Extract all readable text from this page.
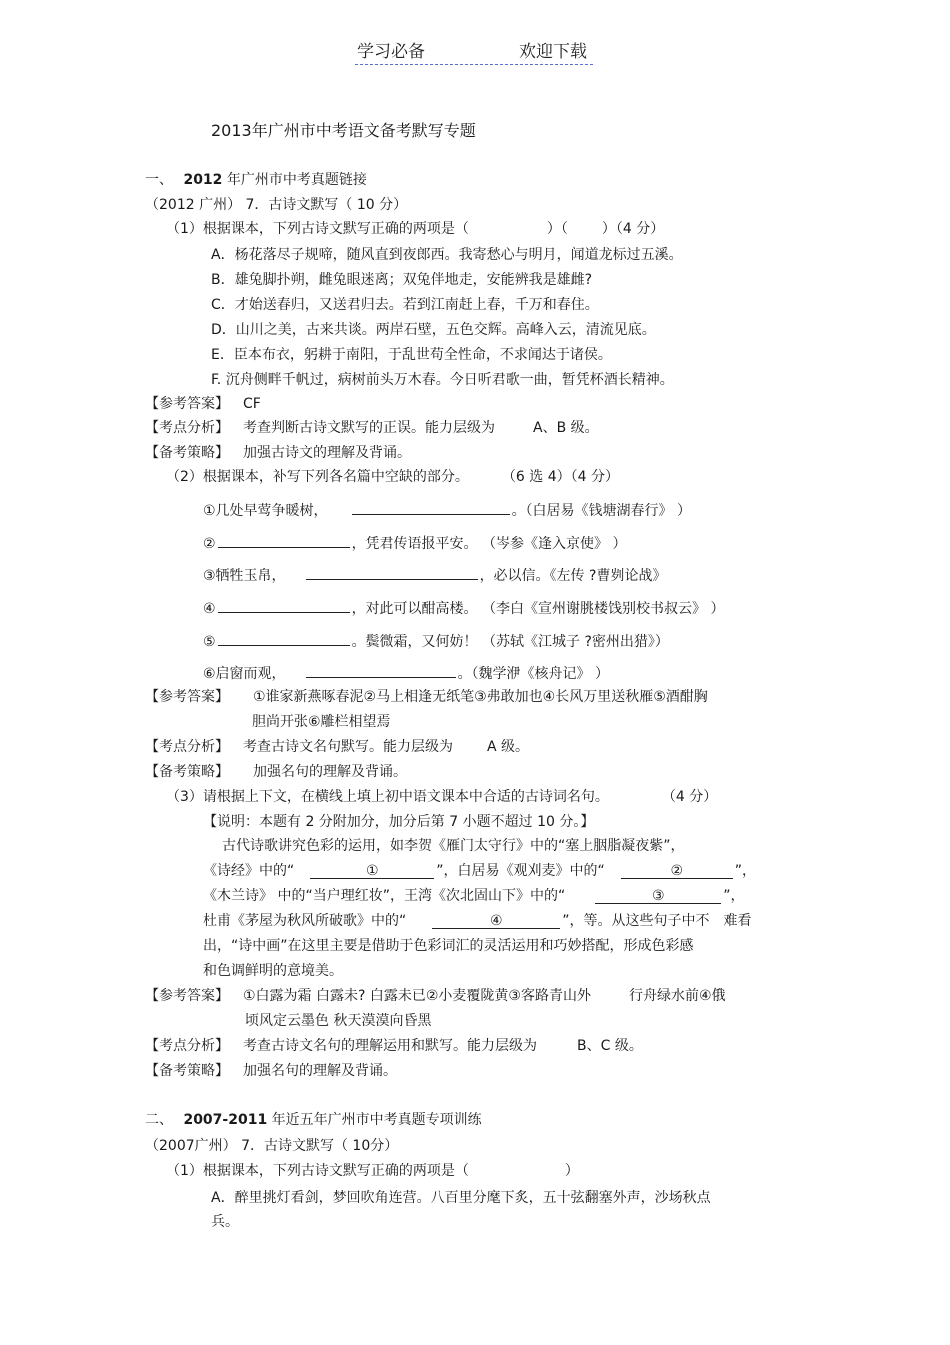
学习必备	欢迎下载
2013年广州市中考语文备考默写专题
一、 2012 年广州市中考真题链接
（2012 广州） 7．古诗文默写（ 10 分）
（1）根据课本，下列古诗文默写正确的两项是（	）（ ）（4 分）
A．杨花落尽子规啼，随风直到夜郎西。我寄愁心与明月，闻道龙标过五溪。
B．雄兔脚扑朔，雌兔眼迷离；双兔伴地走，安能辨我是雄雌?
C．才始送春归，又送君归去。若到江南赶上春，千万和春住。
D．山川之美，古来共谈。两岸石壁，五色交辉。高峰入云，清流见底。
E．臣本布衣，躬耕于南阳，于乱世苟全性命，不求闻达于诸侯。
F. 沉舟侧畔千帆过，病树前头万木春。今日听君歌一曲，暂凭杯酒长精神。
【参考答案】 CF
【考点分析】 考查判断古诗文默写的正误。能力层级为	A、B 级。
【备考策略】 加强古诗文的理解及背诵。
（2）根据课本，补写下列各名篇中空缺的部分。	（6 选 4）（4 分）
①几处早莺争暖树，	。（白居易《钱塘湖春行》 ）
②	，凭君传语报平安。 （岑参《逢入京使》 ）
③牺牲玉帛，	，必以信。《左传 ?曹刿论战》
④	，对此可以酣高楼。 （李白《宣州谢朓楼饯别校书叔云》 ）
⑤	。鬓微霜，又何妨！ （苏轼《江城子 ?密州出猎》）
⑥启窗而观，	。（魏学洢《核舟记》 ）
【参考答案】 ①谁家新燕啄春泥②马上相逢无纸笔③弗敢加也④长风万里送秋雁⑤酒酣胸
胆尚开张⑥雕栏相望焉
【考点分析】 考查古诗文名句默写。能力层级为 A 级。
【备考策略】 加强名句的理解及背诵。
（3）请根据上下文，在横线上填上初中语文课本中合适的古诗词名句。	（4 分）
【说明：本题有 2 分附加分，加分后第 7 小题不超过 10 分。】
古代诗歌讲究色彩的运用，如李贺《雁门太守行》中的“塞上胭脂凝夜紫”，
《诗经》中的“	①	”，白居易《观刈麦》中的“	②	”，
《木兰诗》 中的“当户理红妆”，王湾《次北固山下》中的“	③	”，
杜甫《茅屋为秋风所破歌》中的“	④	”，等。从这些句子中不 难看
出，“诗中画”在这里主要是借助于色彩词汇的灵活运用和巧妙搭配，形成色彩感
和色调鲜明的意境美。
【参考答案】 ①白露为霜 白露未? 白露未已②小麦覆陇黄③客路青山外	行舟绿水前④俄
顷风定云墨色 秋天漠漠向昏黑
【考点分析】 考查古诗文名句的理解运用和默写。能力层级为	B、C 级。
【备考策略】 加强名句的理解及背诵。
二、 2007-2011 年近五年广州市中考真题专项训练
（2007广州） 7．古诗文默写（ 10分）
（1）根据课本，下列古诗文默写正确的两项是（	）
A．醉里挑灯看剑，梦回吹角连营。八百里分麾下炙，五十弦翻塞外声，沙场秋点
兵。
